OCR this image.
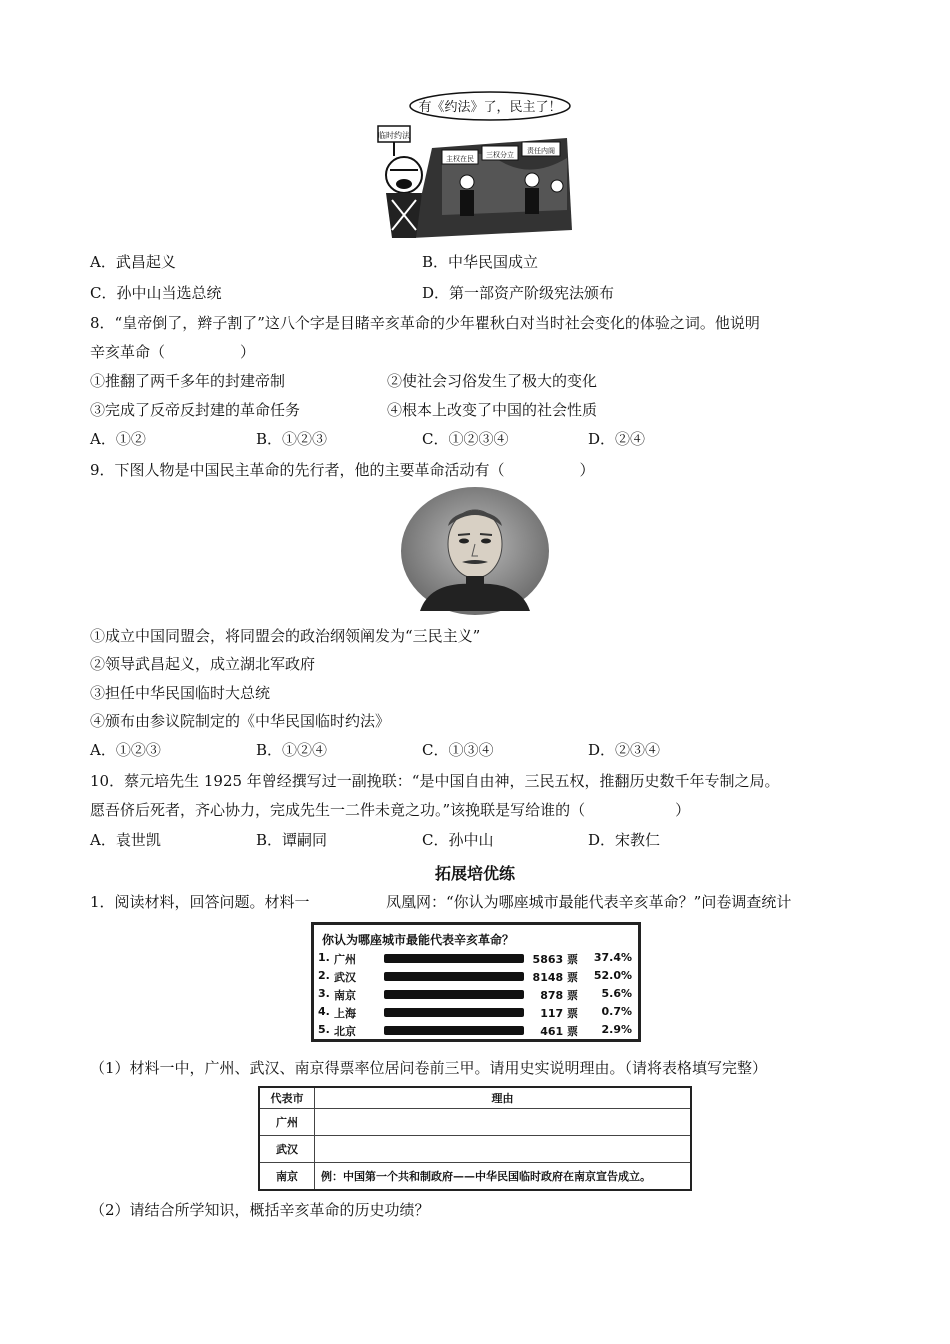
有《约法》了，民主了！
临时约法
主权在民 三权分立 责任内阁
A．武昌起义	B．中华民国成立
C．孙中山当选总统	D．第一部资产阶级宪法颁布
8．“皇帝倒了，辫子割了”这八个字是目睹辛亥革命的少年瞿秋白对当时社会变化的体验之词。他说明
辛亥革命（　　　　　）
①推翻了两千多年的封建帝制	②使社会习俗发生了极大的变化
③完成了反帝反封建的革命任务	④根本上改变了中国的社会性质
A．①②	B．①②③	C．①②③④	D．②④
9．下图人物是中国民主革命的先行者，他的主要革命活动有（　　　　　）
①成立中国同盟会，将同盟会的政治纲领阐发为“三民主义”
②领导武昌起义，成立湖北军政府
③担任中华民国临时大总统
④颁布由参议院制定的《中华民国临时约法》
A．①②③	B．①②④	C．①③④	D．②③④
10．蔡元培先生 1925 年曾经撰写过一副挽联：“是中国自由神，三民五权，推翻历史数千年专制之局。
愿吾侪后死者，齐心协力，完成先生一二件未竟之功。”该挽联是写给谁的（　　　　　　）
A．袁世凯	B．谭嗣同	C．孙中山	D．宋教仁
拓展培优练
1．阅读材料，回答问题。材料一	凤凰网：“你认为哪座城市最能代表辛亥革命？”问卷调查统计
你认为哪座城市最能代表辛亥革命？
1. 广州	5863 票	37.4%
2. 武汉	8148 票	52.0%
3. 南京	878 票	5.6%
4. 上海	117 票	0.7%
5. 北京	461 票	2.9%
（1）材料一中，广州、武汉、南京得票率位居问卷前三甲。请用史实说明理由。（请将表格填写完整）
代表市	理由
广州	
武汉	
南京	例：中国第一个共和制政府——中华民国临时政府在南京宣告成立。
（2）请结合所学知识，概括辛亥革命的历史功绩？
